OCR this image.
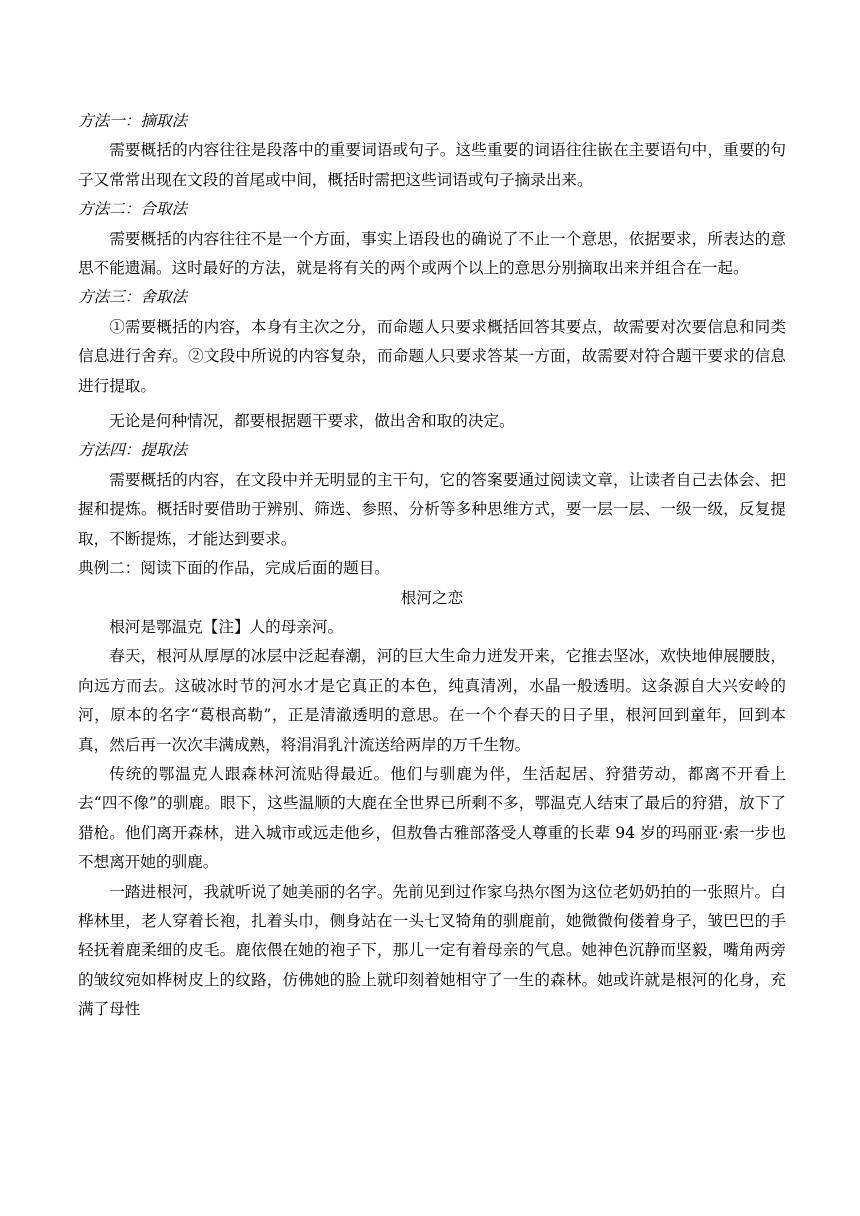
方法一：摘取法

需要概括的内容往往是段落中的重要词语或句子。这些重要的词语往往嵌在主要语句中，重要的句子又常常出现在文段的首尾或中间，概括时需把这些词语或句子摘录出来。

方法二：合取法

需要概括的内容往往不是一个方面，事实上语段也的确说了不止一个意思，依据要求，所表达的意思不能遗漏。这时最好的方法，就是将有关的两个或两个以上的意思分别摘取出来并组合在一起。

方法三：舍取法

①需要概括的内容，本身有主次之分，而命题人只要求概括回答其要点，故需要对次要信息和同类信息进行舍弃。②文段中所说的内容复杂，而命题人只要求答某一方面，故需要对符合题干要求的信息进行提取。

无论是何种情况，都要根据题干要求，做出舍和取的决定。

方法四：提取法

需要概括的内容，在文段中并无明显的主干句，它的答案要通过阅读文章，让读者自己去体会、把握和提炼。概括时要借助于辨别、筛选、参照、分析等多种思维方式，要一层一层、一级一级，反复提取，不断提炼，才能达到要求。

典例二：阅读下面的作品，完成后面的题目。

根河之恋

根河是鄂温克【注】人的母亲河。

春天，根河从厚厚的冰层中泛起春潮，河的巨大生命力迸发开来，它推去坚冰，欢快地伸展腰肢，向远方而去。这破冰时节的河水才是它真正的本色，纯真清冽，水晶一般透明。这条源自大兴安岭的河，原本的名字“葛根高勒”，正是清澈透明的意思。在一个个春天的日子里，根河回到童年，回到本真，然后再一次次丰满成熟，将涓涓乳汁流送给两岸的万千生物。

传统的鄂温克人跟森林河流贴得最近。他们与驯鹿为伴，生活起居、狩猎劳动，都离不开看上去“四不像”的驯鹿。眼下，这些温顺的大鹿在全世界已所剩不多，鄂温克人结束了最后的狩猎，放下了猎枪。他们离开森林，进入城市或远走他乡，但敖鲁古雅部落受人尊重的长辈 94 岁的玛丽亚·索一步也不想离开她的驯鹿。

一踏进根河，我就听说了她美丽的名字。先前见到过作家乌热尔图为这位老奶奶拍的一张照片。白桦林里，老人穿着长袍，扎着头巾，侧身站在一头七叉犄角的驯鹿前，她微微佝偻着身子，皱巴巴的手轻抚着鹿柔细的皮毛。鹿依偎在她的袍子下，那儿一定有着母亲的气息。她神色沉静而坚毅，嘴角两旁的皱纹宛如桦树皮上的纹路，仿佛她的脸上就印刻着她相守了一生的森林。她或许就是根河的化身，充满了母性
